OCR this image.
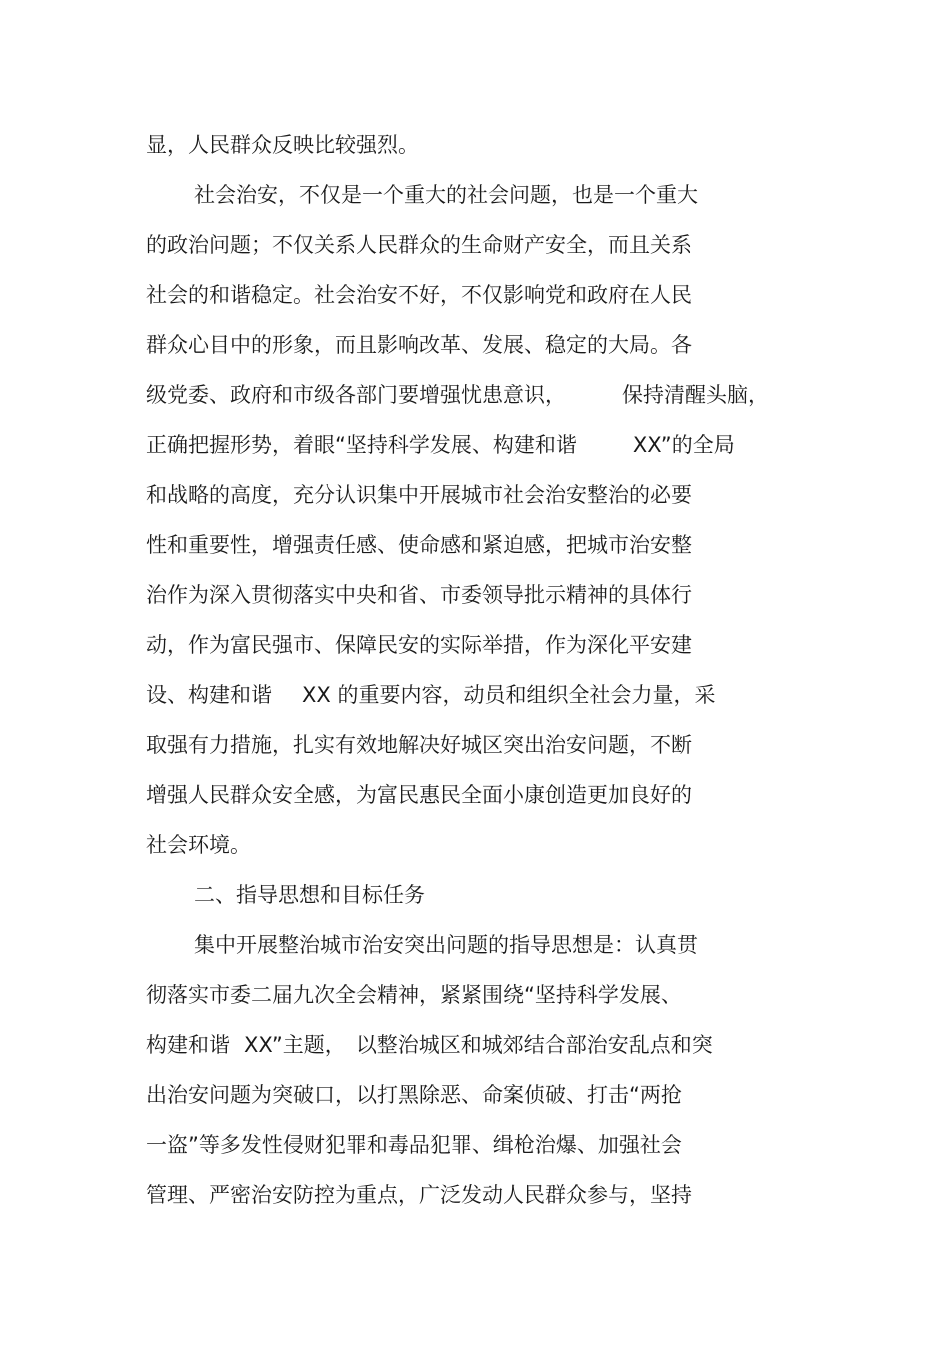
显，人民群众反映比较强烈。

社会治安，不仅是一个重大的社会问题，也是一个重大

的政治问题；不仅关系人民群众的生命财产安全，而且关系

社会的和谐稳定。社会治安不好，不仅影响党和政府在人民

群众心目中的形象，而且影响改革、发展、稳定的大局。各

级党委、政府和市级各部门要增强忧患意识，	保持清醒头脑，

正确把握形势，着眼“坚持科学发展、构建和谐	XX”的全局

和战略的高度，充分认识集中开展城市社会治安整治的必要

性和重要性，增强责任感、使命感和紧迫感，把城市治安整

治作为深入贯彻落实中央和省、市委领导批示精神的具体行

动，作为富民强市、保障民安的实际举措，作为深化平安建

设、构建和谐 XX 的重要内容，动员和组织全社会力量，采

取强有力措施，扎实有效地解决好城区突出治安问题，不断

增强人民群众安全感，为富民惠民全面小康创造更加良好的

社会环境。

二、指导思想和目标任务

集中开展整治城市治安突出问题的指导思想是：认真贯

彻落实市委二届九次全会精神，紧紧围绕“坚持科学发展、

构建和谐 XX”主题， 以整治城区和城郊结合部治安乱点和突

出治安问题为突破口，以打黑除恶、命案侦破、打击“两抢

一盗”等多发性侵财犯罪和毒品犯罪、缉枪治爆、加强社会

管理、严密治安防控为重点，广泛发动人民群众参与，坚持
